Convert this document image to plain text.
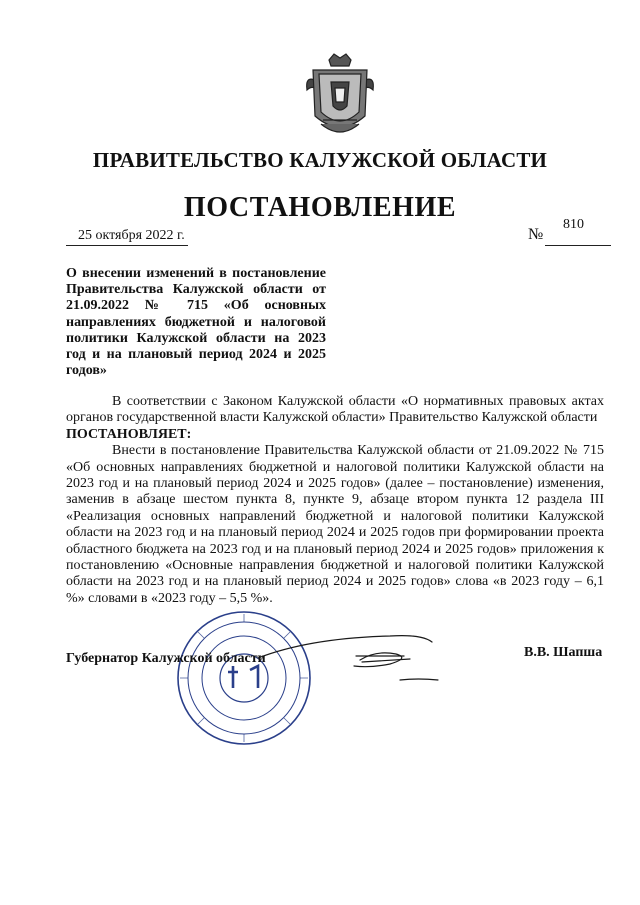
ПРАВИТЕЛЬСТВО КАЛУЖСКОЙ ОБЛАСТИ
ПОСТАНОВЛЕНИЕ
25 октября 2022 г.	№
810

О внесении изменений в постановление Правительства Калужской области от 21.09.2022 № 715 «Об основных направлениях бюджетной и налоговой политики Калужской области на 2023 год и на плановый период 2024 и 2025 годов»

В соответствии с Законом Калужской области «О нормативных правовых актах органов государственной власти Калужской области» Правительство Калужской области

ПОСТАНОВЛЯЕТ:

Внести в постановление Правительства Калужской области от 21.09.2022 № 715 «Об основных направлениях бюджетной и налоговой политики Калужской области на 2023 год и на плановый период 2024 и 2025 годов» (далее – постановление) изменения, заменив в абзаце шестом пункта 8, пункте 9, абзаце втором пункта 12 раздела III «Реализация основных направлений бюджетной и налоговой политики Калужской области на 2023 год и на плановый период 2024 и 2025 годов при формировании проекта областного бюджета на 2023 год и на плановый период 2024 и 2025 годов» приложения к постановлению «Основные направления бюджетной и налоговой политики Калужской области на 2023 год и на плановый период 2024 и 2025 годов» слова «в 2023 году – 6,1 %» словами в «2023 году – 5,5 %».

Губернатор Калужской области	В.В. Шапша
